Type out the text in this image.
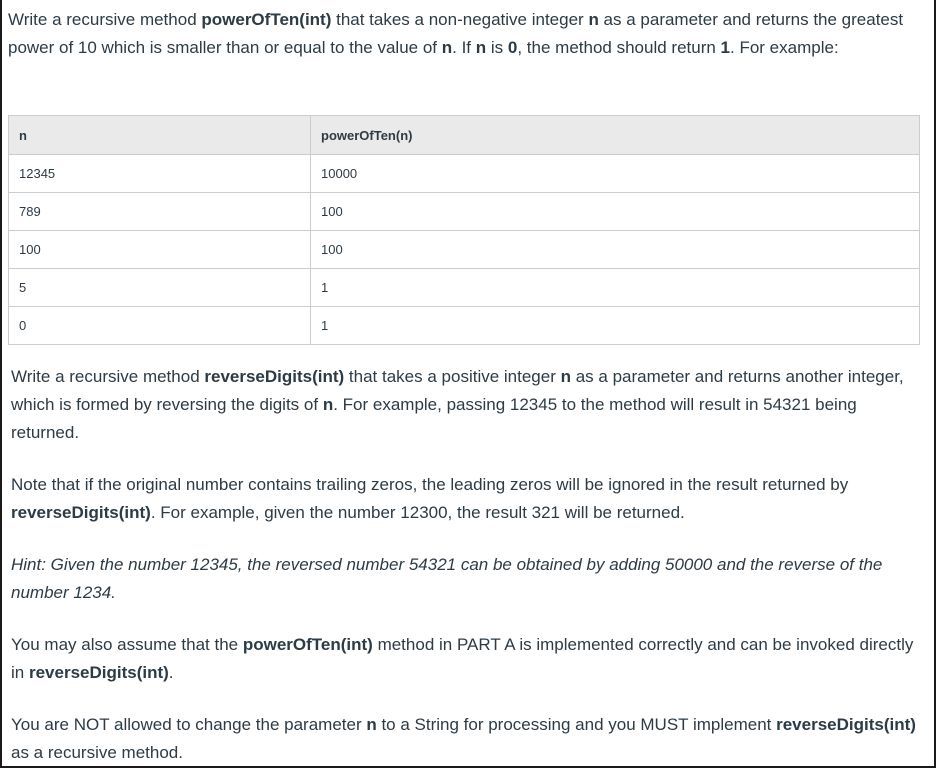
Write a recursive method powerOfTen(int) that takes a non-negative integer n as a parameter and returns the greatest power of 10 which is smaller than or equal to the value of n. If n is 0, the method should return 1. For example:

n	powerOfTen(n)
12345	10000
789	100
100	100
5	1
0	1

Write a recursive method reverseDigits(int) that takes a positive integer n as a parameter and returns another integer, which is formed by reversing the digits of n. For example, passing 12345 to the method will result in 54321 being returned.

Note that if the original number contains trailing zeros, the leading zeros will be ignored in the result returned by reverseDigits(int). For example, given the number 12300, the result 321 will be returned.

Hint: Given the number 12345, the reversed number 54321 can be obtained by adding 50000 and the reverse of the number 1234.

You may also assume that the powerOfTen(int) method in PART A is implemented correctly and can be invoked directly in reverseDigits(int).

You are NOT allowed to change the parameter n to a String for processing and you MUST implement reverseDigits(int) as a recursive method.
